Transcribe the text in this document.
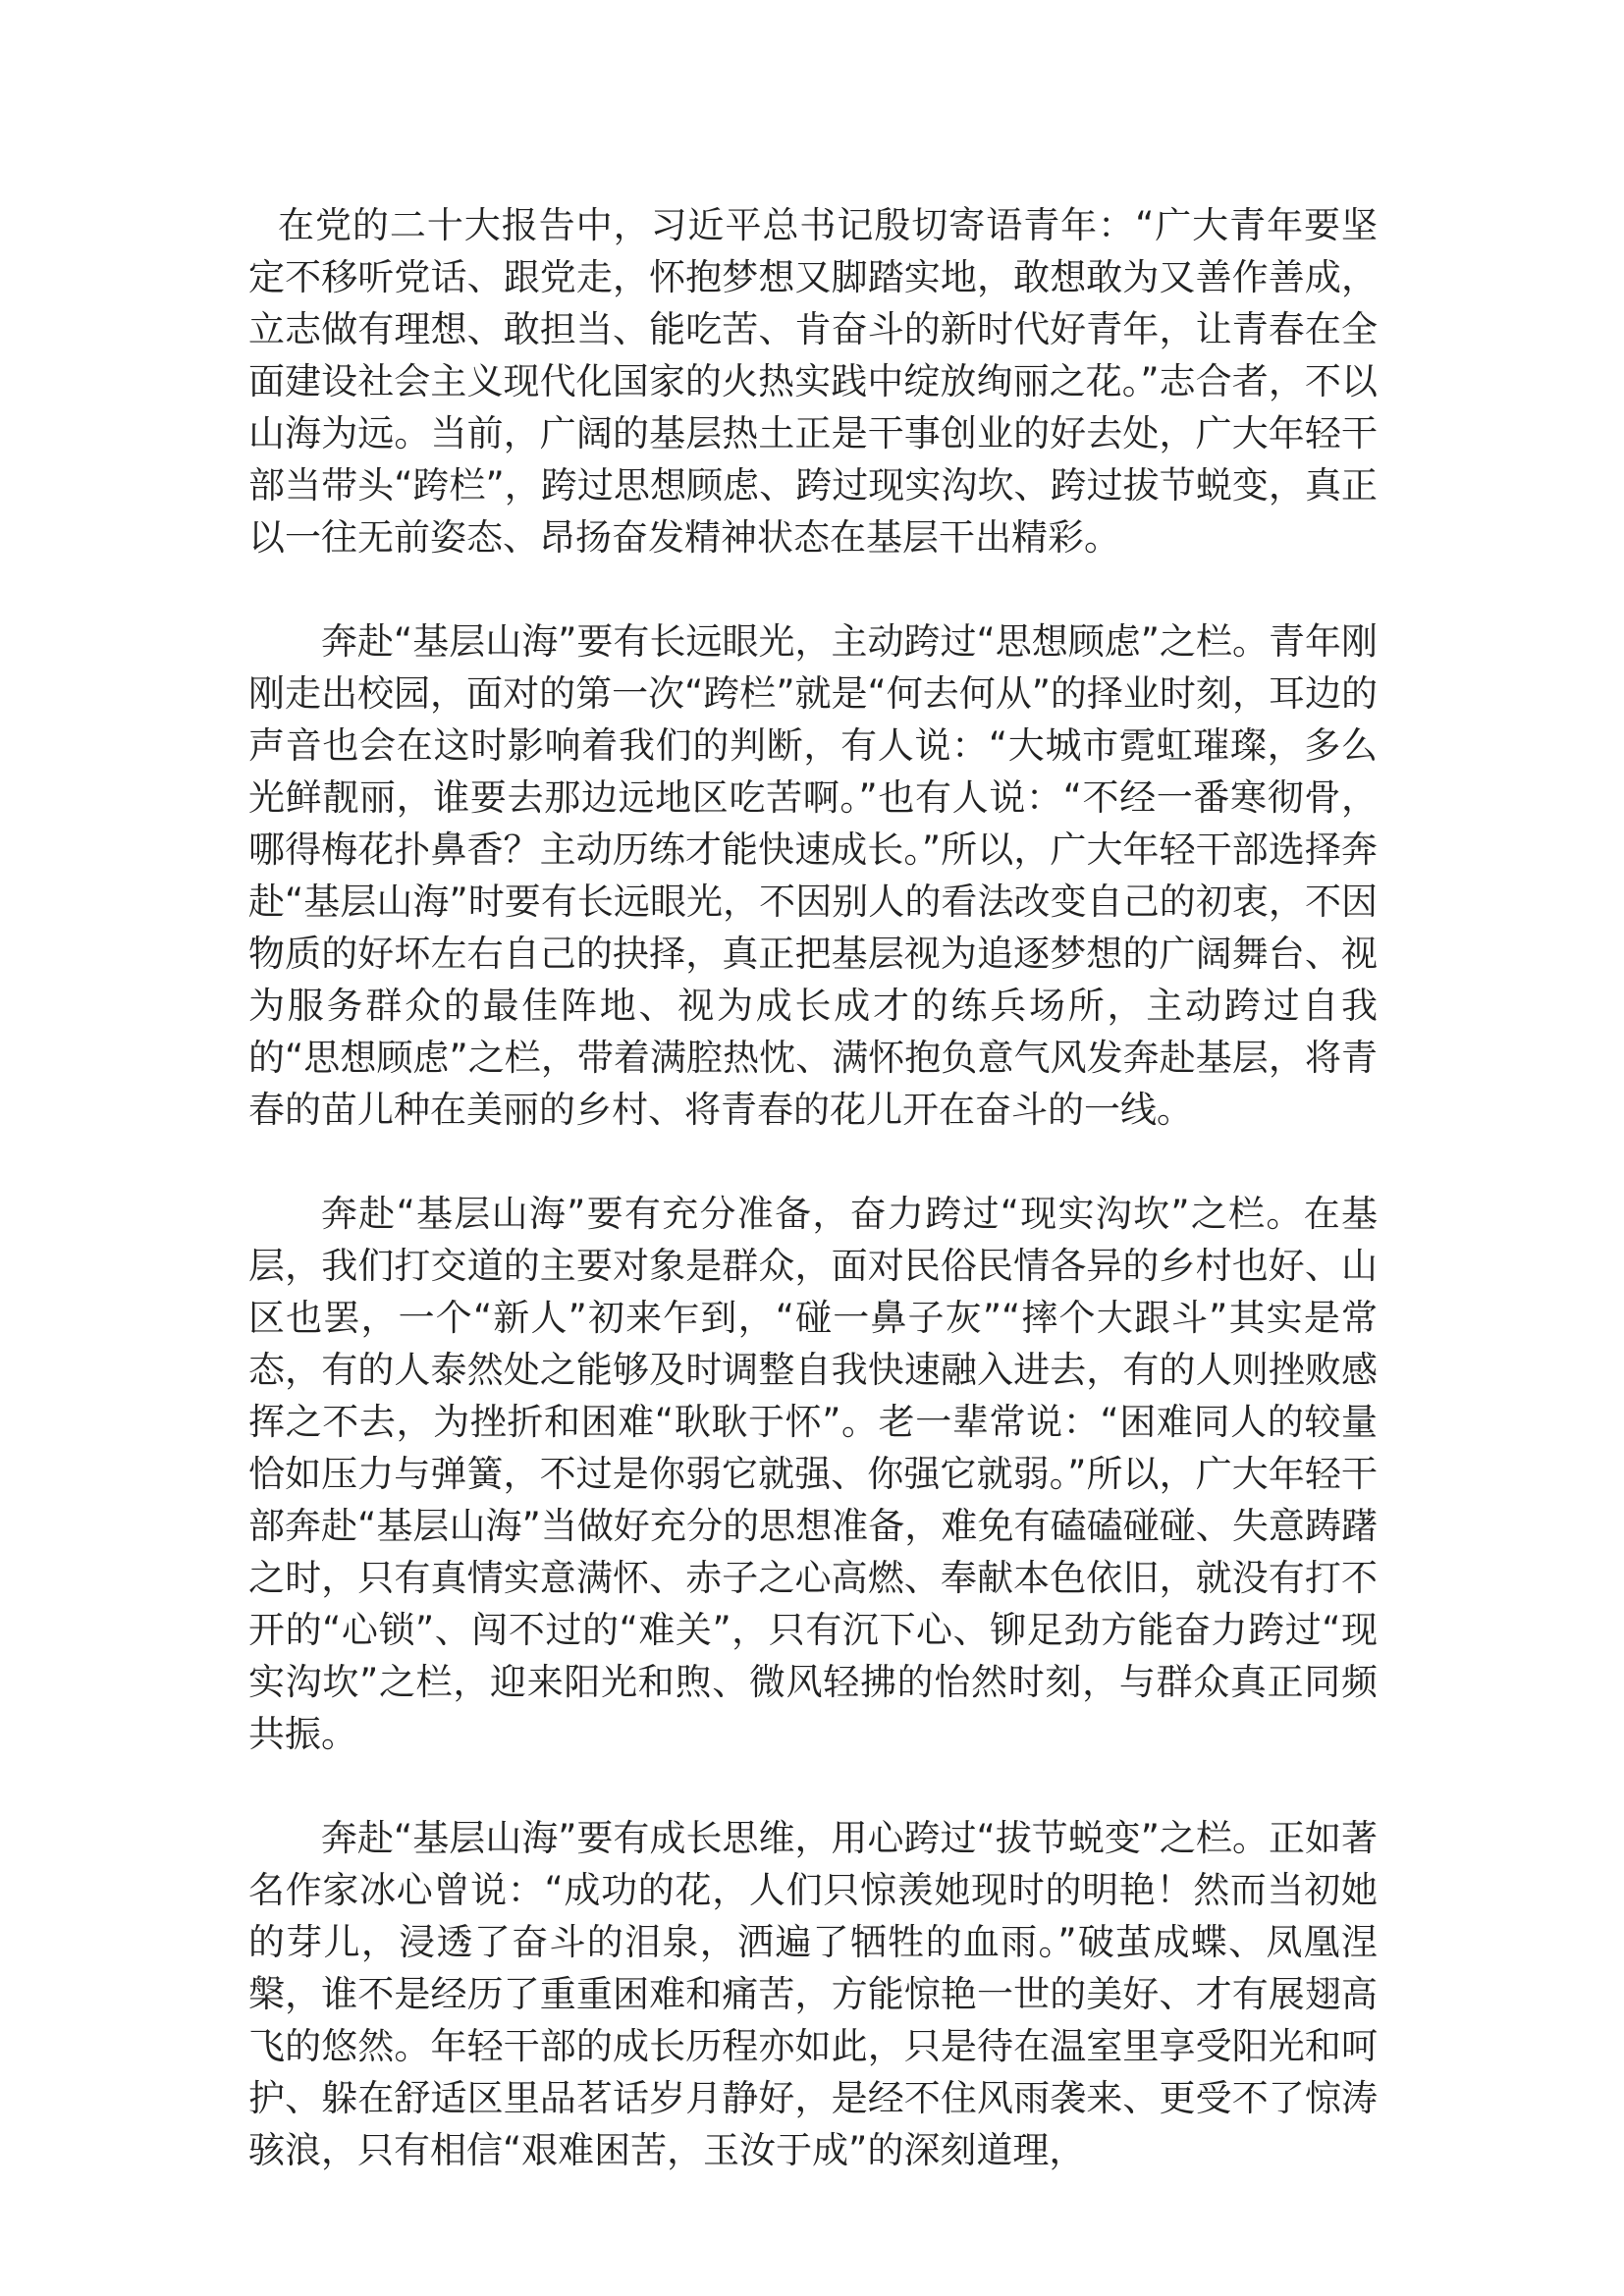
在党的二十大报告中，习近平总书记殷切寄语青年：“广大青年要坚定不移听党话、跟党走，怀抱梦想又脚踏实地，敢想敢为又善作善成，立志做有理想、敢担当、能吃苦、肯奋斗的新时代好青年，让青春在全面建设社会主义现代化国家的火热实践中绽放绚丽之花。”志合者，不以山海为远。当前，广阔的基层热土正是干事创业的好去处，广大年轻干部当带头“跨栏”，跨过思想顾虑、跨过现实沟坎、跨过拔节蜕变，真正以一往无前姿态、昂扬奋发精神状态在基层干出精彩。

奔赴“基层山海”要有长远眼光，主动跨过“思想顾虑”之栏。青年刚刚走出校园，面对的第一次“跨栏”就是“何去何从”的择业时刻，耳边的声音也会在这时影响着我们的判断，有人说：“大城市霓虹璀璨，多么光鲜靓丽，谁要去那边远地区吃苦啊。”也有人说：“不经一番寒彻骨，哪得梅花扑鼻香？主动历练才能快速成长。”所以，广大年轻干部选择奔赴“基层山海”时要有长远眼光，不因别人的看法改变自己的初衷，不因物质的好坏左右自己的抉择，真正把基层视为追逐梦想的广阔舞台、视为服务群众的最佳阵地、视为成长成才的练兵场所，主动跨过自我的“思想顾虑”之栏，带着满腔热忱、满怀抱负意气风发奔赴基层，将青春的苗儿种在美丽的乡村、将青春的花儿开在奋斗的一线。

奔赴“基层山海”要有充分准备，奋力跨过“现实沟坎”之栏。在基层，我们打交道的主要对象是群众，面对民俗民情各异的乡村也好、山区也罢，一个“新人”初来乍到，“碰一鼻子灰”“摔个大跟斗”其实是常态，有的人泰然处之能够及时调整自我快速融入进去，有的人则挫败感挥之不去，为挫折和困难“耿耿于怀”。老一辈常说：“困难同人的较量恰如压力与弹簧，不过是你弱它就强、你强它就弱。”所以，广大年轻干部奔赴“基层山海”当做好充分的思想准备，难免有磕磕碰碰、失意踌躇之时，只有真情实意满怀、赤子之心高燃、奉献本色依旧，就没有打不开的“心锁”、闯不过的“难关”，只有沉下心、铆足劲方能奋力跨过“现实沟坎”之栏，迎来阳光和煦、微风轻拂的怡然时刻，与群众真正同频共振。

奔赴“基层山海”要有成长思维，用心跨过“拔节蜕变”之栏。正如著名作家冰心曾说：“成功的花，人们只惊羡她现时的明艳！然而当初她的芽儿，浸透了奋斗的泪泉，洒遍了牺牲的血雨。”破茧成蝶、凤凰涅槃，谁不是经历了重重困难和痛苦，方能惊艳一世的美好、才有展翅高飞的悠然。年轻干部的成长历程亦如此，只是待在温室里享受阳光和呵护、躲在舒适区里品茗话岁月静好，是经不住风雨袭来、更受不了惊涛骇浪，只有相信“艰难困苦，玉汝于成”的深刻道理，
